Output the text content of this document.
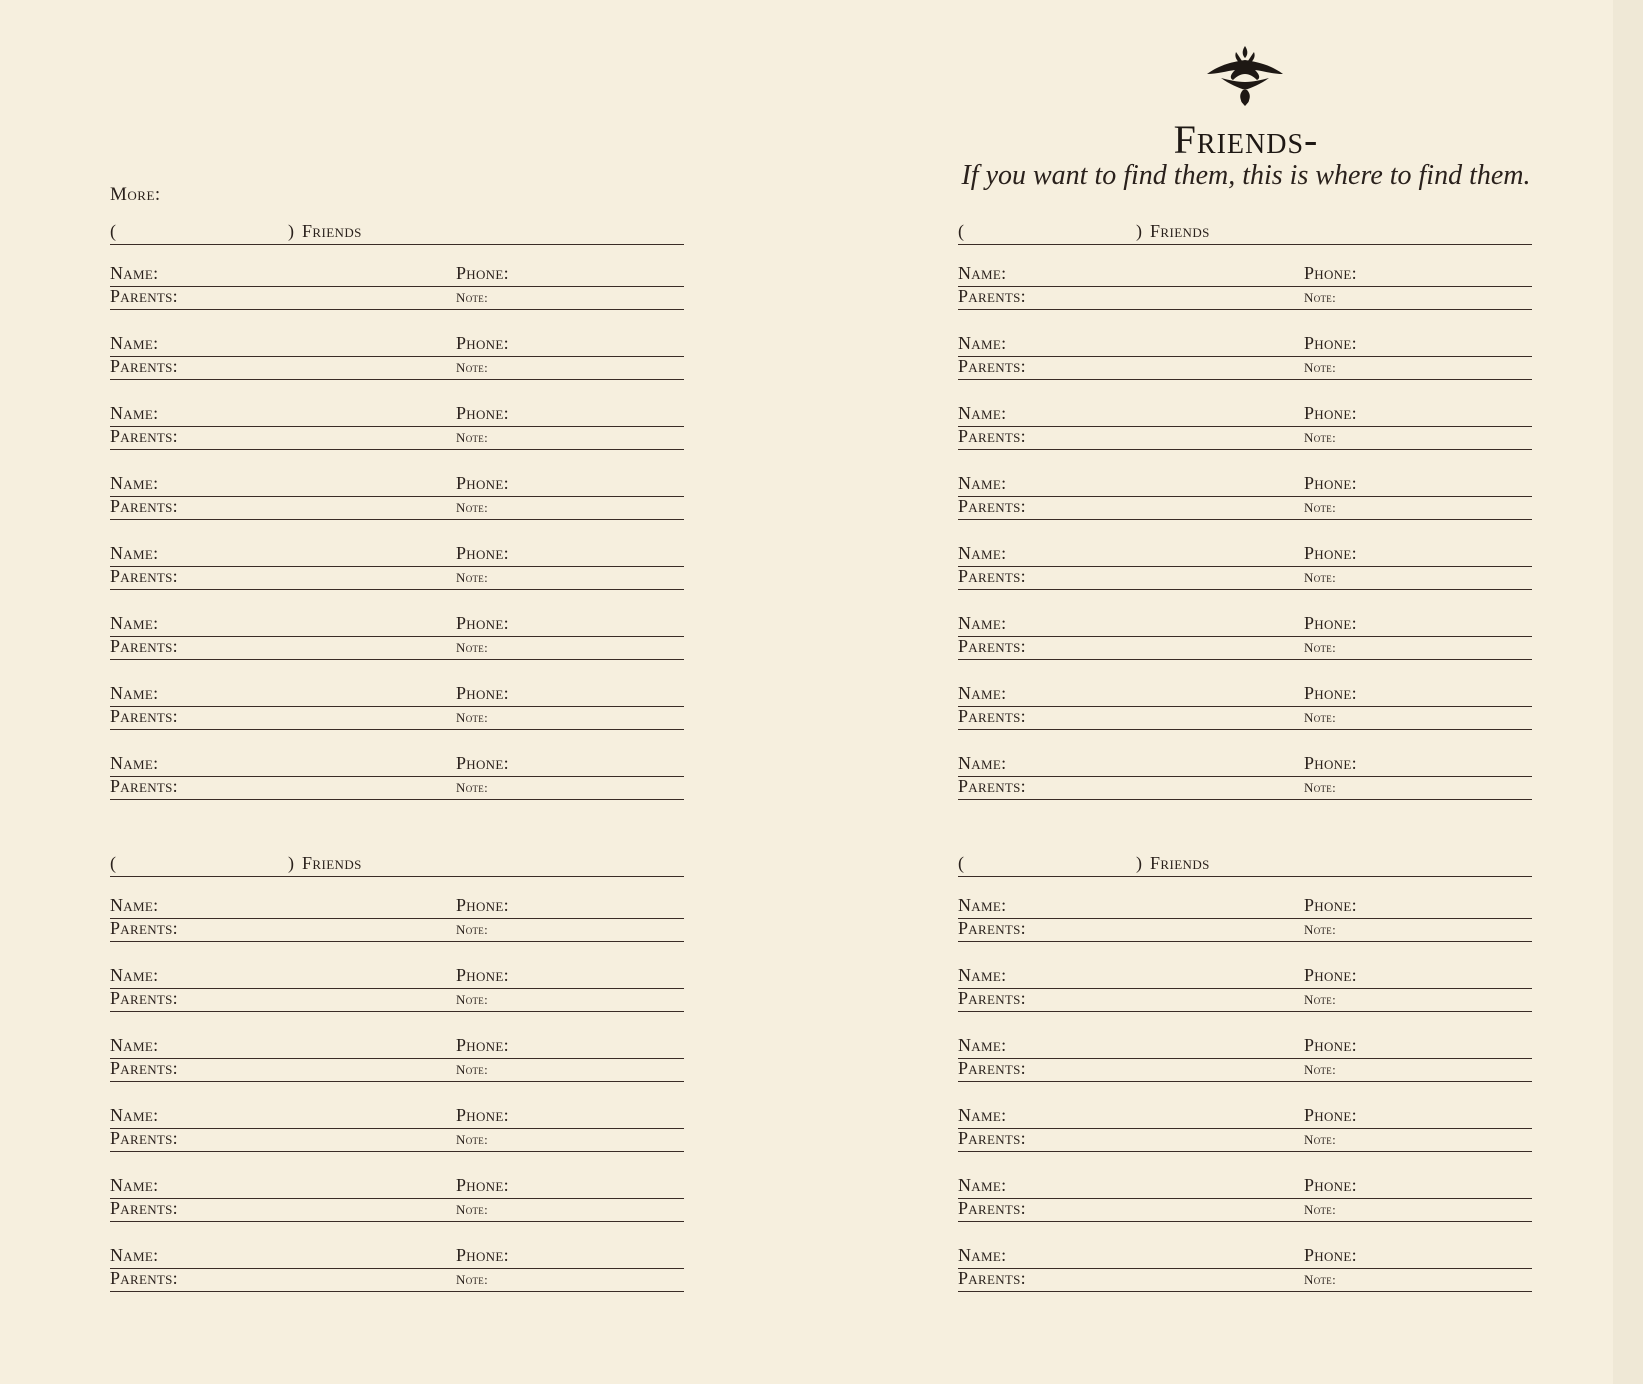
More:
Friends-
If you want to find them, this is where to find them.
(	) Friends
Name:	Phone:
Parents:	Note:
Name:	Phone:
Parents:	Note:
Name:	Phone:
Parents:	Note:
Name:	Phone:
Parents:	Note:
Name:	Phone:
Parents:	Note:
Name:	Phone:
Parents:	Note:
Name:	Phone:
Parents:	Note:
Name:	Phone:
Parents:	Note:
(	) Friends
Name:	Phone:
Parents:	Note:
Name:	Phone:
Parents:	Note:
Name:	Phone:
Parents:	Note:
Name:	Phone:
Parents:	Note:
Name:	Phone:
Parents:	Note:
Name:	Phone:
Parents:	Note:
(	) Friends
Name:	Phone:
Parents:	Note:
Name:	Phone:
Parents:	Note:
Name:	Phone:
Parents:	Note:
Name:	Phone:
Parents:	Note:
Name:	Phone:
Parents:	Note:
Name:	Phone:
Parents:	Note:
Name:	Phone:
Parents:	Note:
Name:	Phone:
Parents:	Note:
(	) Friends
Name:	Phone:
Parents:	Note:
Name:	Phone:
Parents:	Note:
Name:	Phone:
Parents:	Note:
Name:	Phone:
Parents:	Note:
Name:	Phone:
Parents:	Note:
Name:	Phone:
Parents:	Note:
